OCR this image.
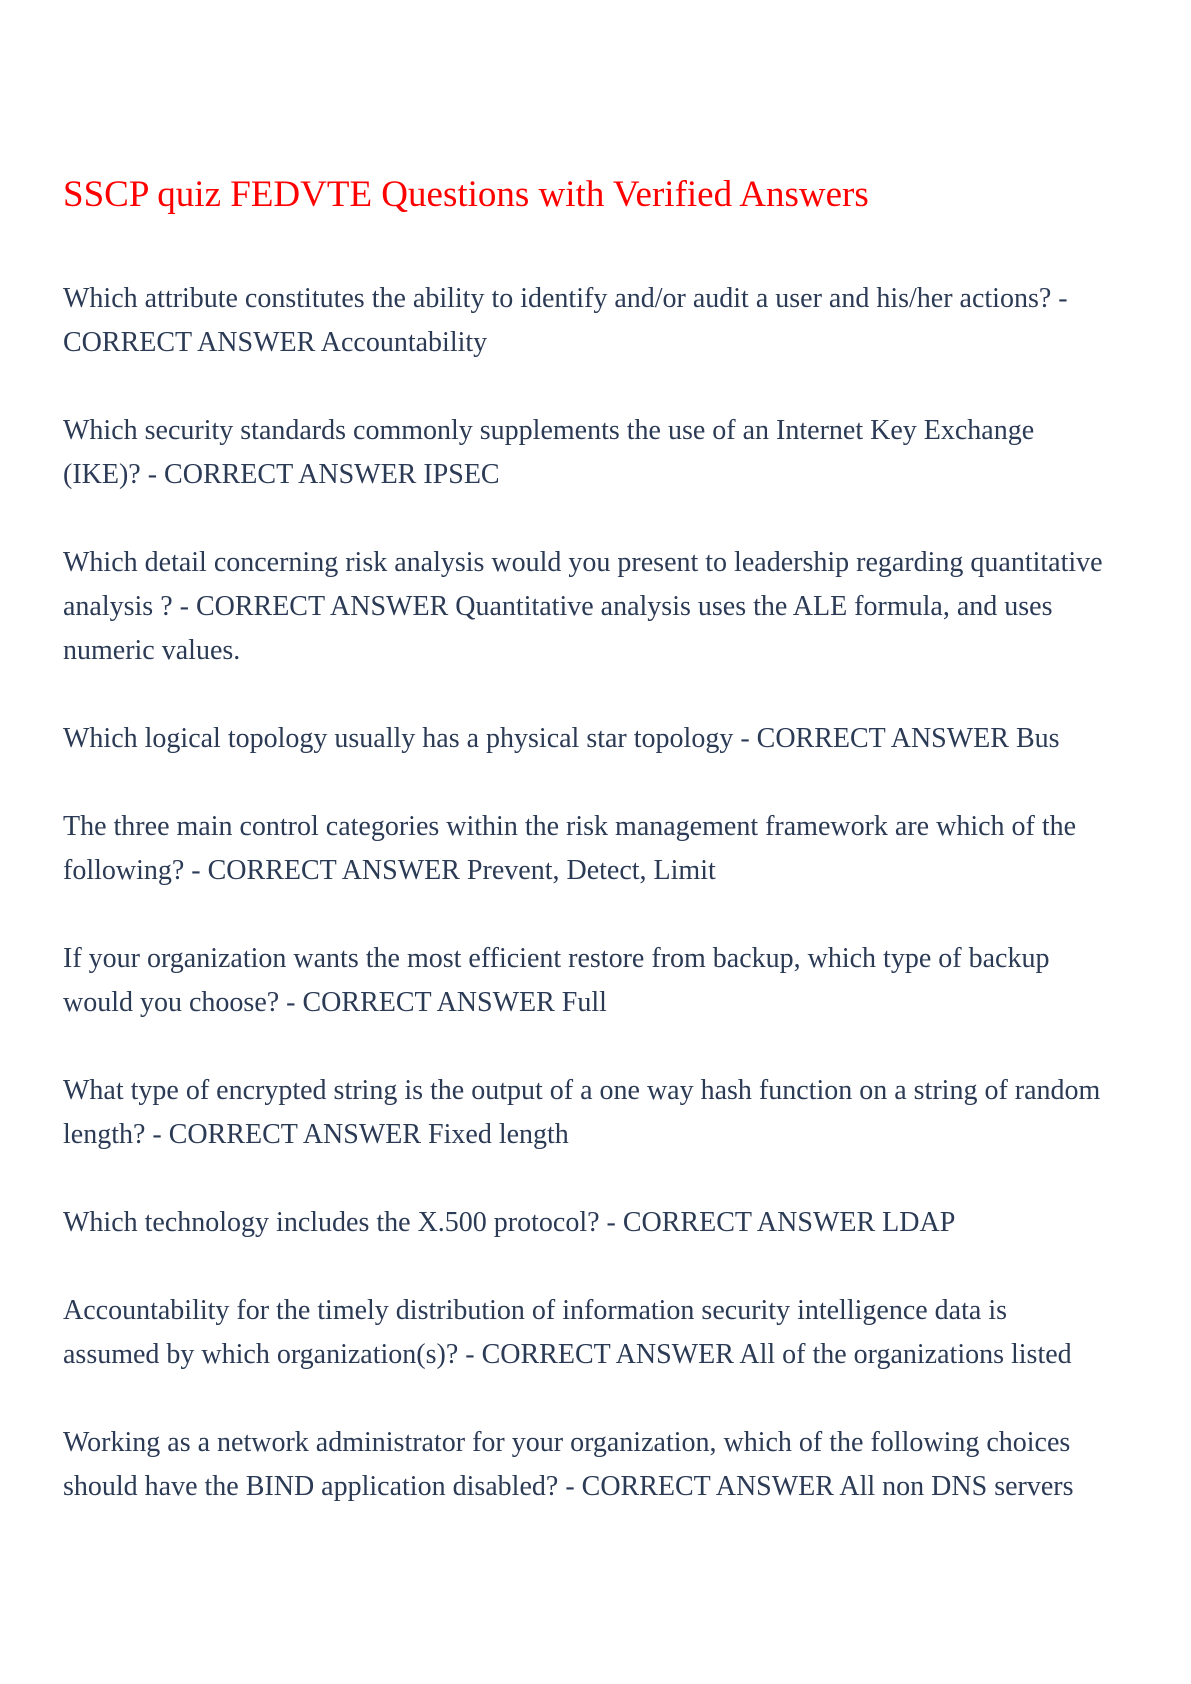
SSCP quiz FEDVTE Questions with Verified Answers

Which attribute constitutes the ability to identify and/or audit a user and his/her actions? - CORRECT ANSWER Accountability

Which security standards commonly supplements the use of an Internet Key Exchange (IKE)? - CORRECT ANSWER IPSEC

Which detail concerning risk analysis would you present to leadership regarding quantitative analysis ? - CORRECT ANSWER Quantitative analysis uses the ALE formula, and uses numeric values.

Which logical topology usually has a physical star topology - CORRECT ANSWER Bus

The three main control categories within the risk management framework are which of the following? - CORRECT ANSWER Prevent, Detect, Limit

If your organization wants the most efficient restore from backup, which type of backup would you choose? - CORRECT ANSWER Full

What type of encrypted string is the output of a one way hash function on a string of random length? - CORRECT ANSWER Fixed length

Which technology includes the X.500 protocol? - CORRECT ANSWER LDAP

Accountability for the timely distribution of information security intelligence data is assumed by which organization(s)? - CORRECT ANSWER All of the organizations listed

Working as a network administrator for your organization, which of the following choices should have the BIND application disabled? - CORRECT ANSWER All non DNS servers
